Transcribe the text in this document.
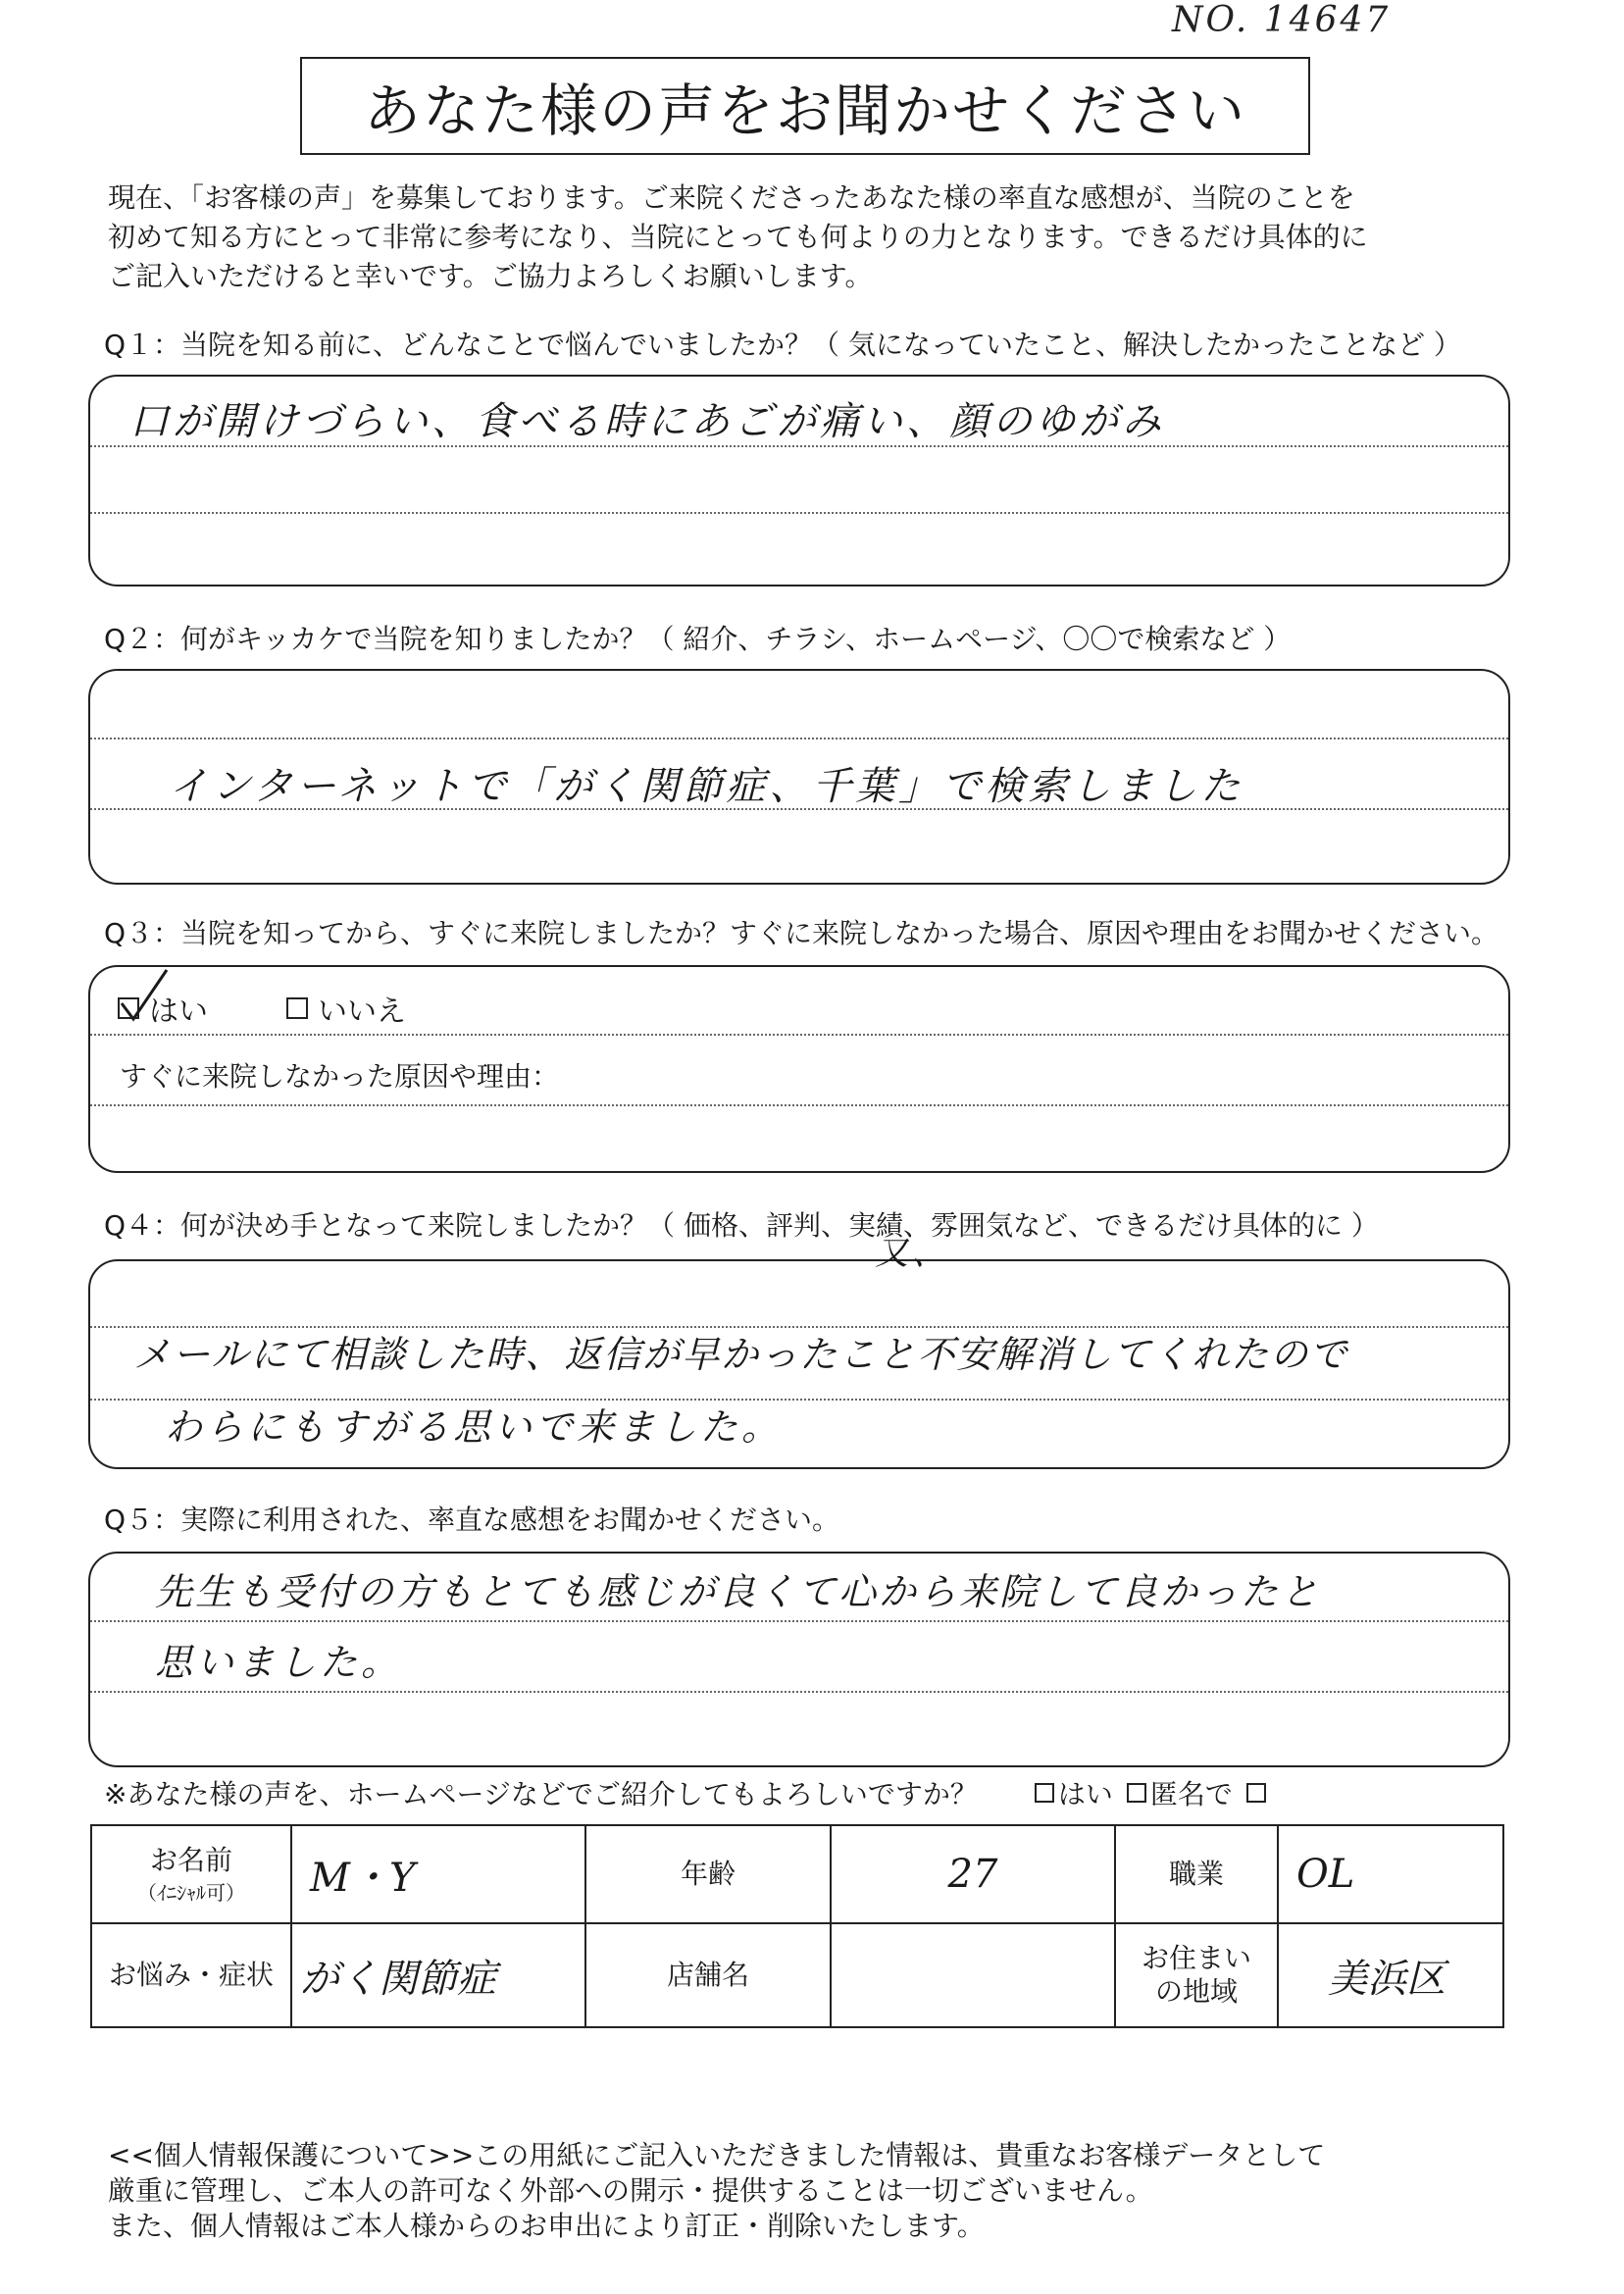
NO. 14647
あなた様の声をお聞かせください
現在、「お客様の声」を募集しております。ご来院くださったあなた様の率直な感想が、当院のことを
初めて知る方にとって非常に参考になり、当院にとっても何よりの力となります。できるだけ具体的に
ご記入いただけると幸いです。ご協力よろしくお願いします。
Q１：当院を知る前に、どんなことで悩んでいましたか？（ 気になっていたこと、解決したかったことなど ）
口が開けづらい、食べる時にあごが痛い、顔のゆがみ
Q２：何がキッカケで当院を知りましたか？（ 紹介、チラシ、ホームページ、〇〇で検索など ）
インターネットで「がく関節症、千葉」で検索しました
Q３：当院を知ってから、すぐに来院しましたか？すぐに来院しなかった場合、原因や理由をお聞かせください。
はい	いいえ
すぐに来院しなかった原因や理由：
Q４：何が決め手となって来院しましたか？（ 価格、評判、実績、雰囲気など、できるだけ具体的に ）
又、
メールにて相談した時、返信が早かったこと不安解消してくれたので
わらにもすがる思いで来ました。
Q５：実際に利用された、率直な感想をお聞かせください。
先生も受付の方もとても感じが良くて心から来院して良かったと
思いました。
※あなた様の声を、ホームページなどでご紹介してもよろしいですか？	はい 匿名で
お名前
（ｲﾆｼｬﾙ可）	M・Y	年齢	27	職業	OL
お悩み・症状	がく関節症	店舗名		お住まい
の地域	美浜区
<<個人情報保護について>>この用紙にご記入いただきました情報は、貴重なお客様データとして
厳重に管理し、ご本人の許可なく外部への開示・提供することは一切ございません。
また、個人情報はご本人様からのお申出により訂正・削除いたします。
